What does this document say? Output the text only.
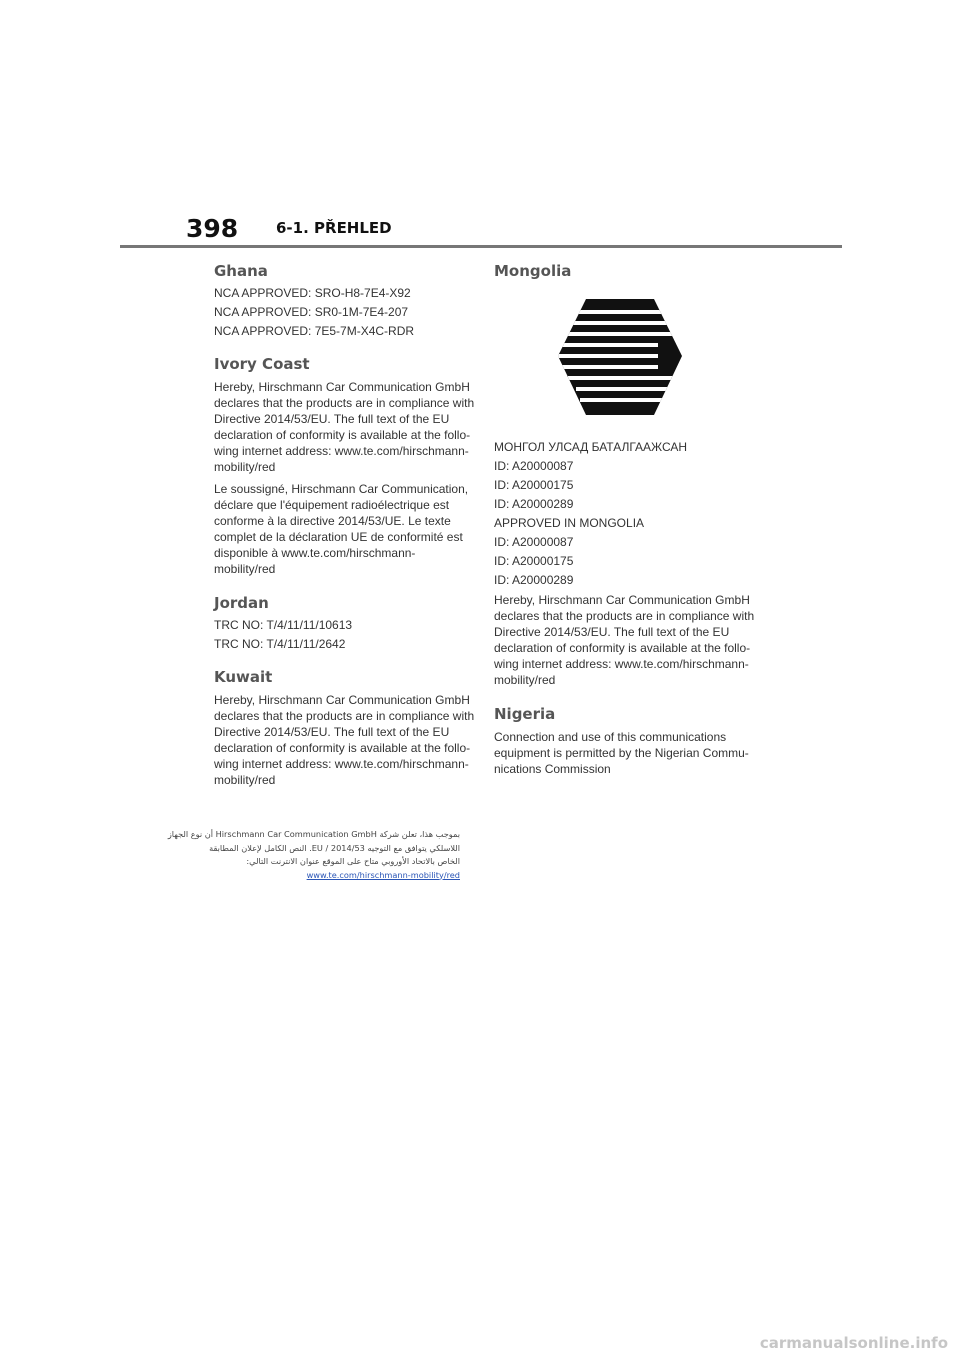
398	6-1. PŘEHLED
Ghana

NCA APPROVED: SRO-H8-7E4-X92

NCA APPROVED: SR0-1M-7E4-207

NCA APPROVED: 7E5-7M-X4C-RDR

Ivory Coast

Hereby, Hirschmann Car Communication GmbH
declares that the products are in compliance with
Directive 2014/53/EU. The full text of the EU
declaration of conformity is available at the follo-
wing internet address: www.te.com/hirschmann-
mobility/red

Le soussigné, Hirschmann Car Communication,
déclare que l'équipement radioélectrique est
conforme à la directive 2014/53/UE. Le texte
complet de la déclaration UE de conformité est
disponible à www.te.com/hirschmann-
mobility/red

Jordan

TRC NO: T/4/11/11/10613

TRC NO: T/4/11/11/2642

Kuwait

Hereby, Hirschmann Car Communication GmbH
declares that the products are in compliance with
Directive 2014/53/EU. The full text of the EU
declaration of conformity is available at the follo-
wing internet address: www.te.com/hirschmann-
mobility/red

بموجب هذا، تعلن شركة Hirschmann Car Communication GmbH أن نوع الجهاز
اللاسلكي يتوافق مع التوجيه 2014/53 / EU. النص الكامل لإعلان المطابقة
الخاص بالاتحاد الأوروبي متاح على الموقع عنوان الانترنت التالي:
www.te.com/hirschmann-mobility/red
Mongolia

МОНГОЛ УЛСАД БАТАЛГААЖСАН

ID: A20000087

ID: A20000175

ID: A20000289

APPROVED IN MONGOLIA

ID: A20000087

ID: A20000175

ID: A20000289

Hereby, Hirschmann Car Communication GmbH
declares that the products are in compliance with
Directive 2014/53/EU. The full text of the EU
declaration of conformity is available at the follo-
wing internet address: www.te.com/hirschmann-
mobility/red

Nigeria

Connection and use of this communications
equipment is permitted by the Nigerian Commu-
nications Commission

carmanualsonline.info
